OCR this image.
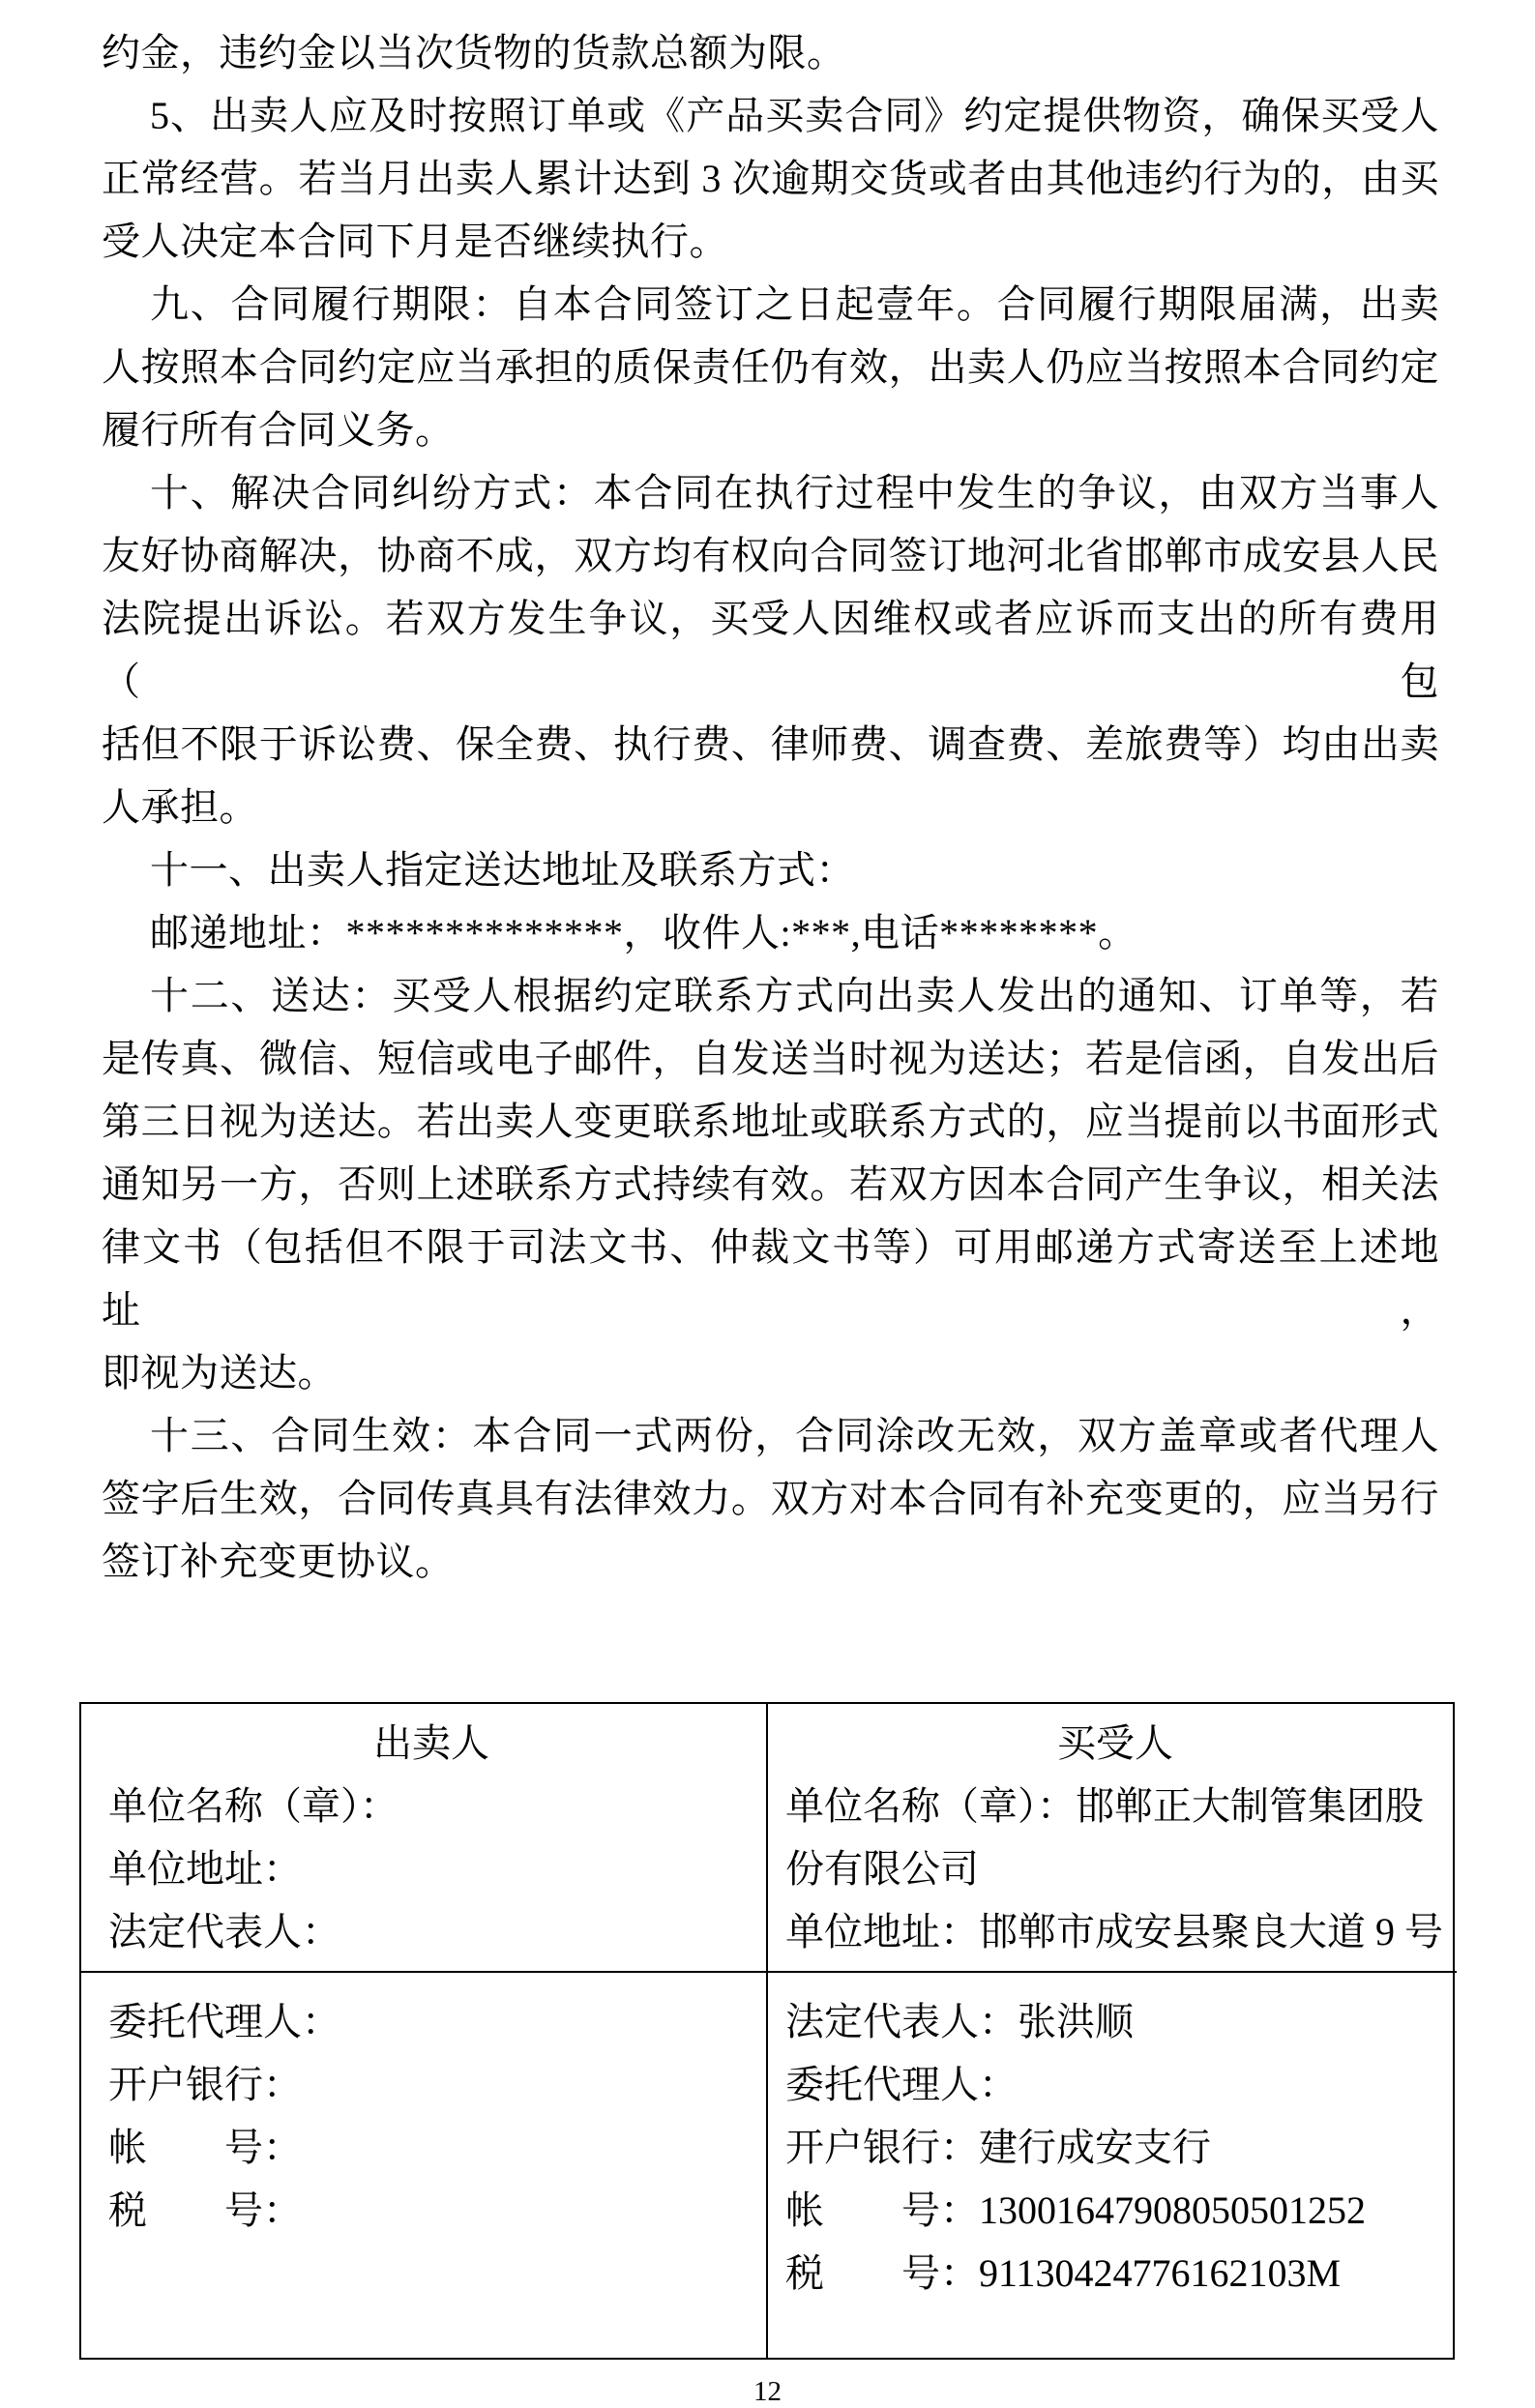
约金，违约金以当次货物的货款总额为限。
5、出卖人应及时按照订单或《产品买卖合同》约定提供物资，确保买受人
正常经营。若当月出卖人累计达到 3 次逾期交货或者由其他违约行为的，由买
受人决定本合同下月是否继续执行。
九、合同履行期限：自本合同签订之日起壹年。合同履行期限届满，出卖
人按照本合同约定应当承担的质保责任仍有效，出卖人仍应当按照本合同约定
履行所有合同义务。
十、解决合同纠纷方式：本合同在执行过程中发生的争议，由双方当事人
友好协商解决，协商不成，双方均有权向合同签订地河北省邯郸市成安县人民
法院提出诉讼。若双方发生争议，买受人因维权或者应诉而支出的所有费用（包
括但不限于诉讼费、保全费、执行费、律师费、调查费、差旅费等）均由出卖
人承担。
十一、出卖人指定送达地址及联系方式：
邮递地址：**************，收件人:***,电话********。
十二、送达：买受人根据约定联系方式向出卖人发出的通知、订单等，若
是传真、微信、短信或电子邮件，自发送当时视为送达；若是信函，自发出后
第三日视为送达。若出卖人变更联系地址或联系方式的，应当提前以书面形式
通知另一方，否则上述联系方式持续有效。若双方因本合同产生争议，相关法
律文书（包括但不限于司法文书、仲裁文书等）可用邮递方式寄送至上述地址，
即视为送达。
十三、合同生效：本合同一式两份，合同涂改无效，双方盖章或者代理人
签字后生效，合同传真具有法律效力。双方对本合同有补充变更的，应当另行
签订补充变更协议。
出卖人
单位名称（章）：
单位地址：
法定代表人：
买受人
单位名称（章）：邯郸正大制管集团股份有限公司
单位地址：邯郸市成安县聚良大道 9 号
委托代理人：
开户银行：
帐　　号：
税　　号：
法定代表人：张洪顺
委托代理人：
开户银行：建行成安支行
帐　　号：13001647908050501252
税　　号：91130424776162103M
12
